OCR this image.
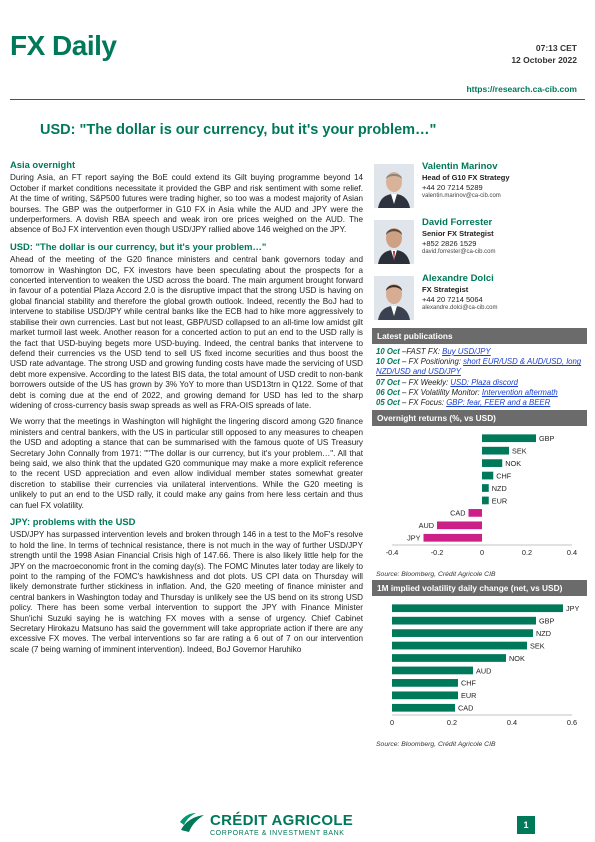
FX Daily	07:13 CET
12 October 2022
https://research.ca-cib.com
USD: "The dollar is our currency, but it's your problem…"
Asia overnight

During Asia, an FT report saying the BoE could extend its Gilt buying programme beyond 14 October if market conditions necessitate it provided the GBP and risk sentiment with some relief. At the time of writing, S&P500 futures were trading higher, so too was a modest majority of Asian bourses. The GBP was the outperformer in G10 FX in Asia while the AUD and JPY were the underperformers. A dovish RBA speech and weak iron ore prices weighed on the AUD. The absence of BoJ FX intervention even though USD/JPY rallied above 146 weighed on the JPY.

USD: "The dollar is our currency, but it's your problem…"

Ahead of the meeting of the G20 finance ministers and central bank governors today and tomorrow in Washington DC, FX investors have been speculating about the prospects for a concerted intervention to weaken the USD across the board. The main argument brought forward in favour of a potential Plaza Accord 2.0 is the disruptive impact that the strong USD is having on global financial stability and therefore the global growth outlook. Indeed, recently the BoJ had to intervene to stabilise USD/JPY while central banks like the ECB had to hike more aggressively to stabilise their own currencies. Last but not least, GBP/USD collapsed to an all-time low amidst gilt market turmoil last week. Another reason for a concerted action to put an end to the USD rally is the fact that USD-buying begets more USD-buying. Indeed, the central banks that intervene to defend their currencies vs the USD tend to sell US fixed income securities and thus boost the USD rate advantage. The strong USD and growing funding costs have made the servicing of USD debt more expensive. According to the latest BIS data, the total amount of USD credit to non-bank borrowers outside of the US has grown by 3% YoY to more than USD13trn in Q122. Some of that debt is coming due at the end of 2022, and growing demand for USD has led to the sharp widening of cross-currency basis swap spreads as well as FRA-OIS spreads of late.

We worry that the meetings in Washington will highlight the lingering discord among G20 finance ministers and central bankers, with the US in particular still opposed to any measures to cheapen the USD and adopting a stance that can be summarised with the famous quote of US Treasury Secretary John Connally from 1971: ""The dollar is our currency, but it's your problem…". All that being said, we also think that the updated G20 communique may make a more explicit reference to the recent USD appreciation and even allow individual member states somewhat greater discretion to stabilise their currencies via unilateral interventions. While the G20 meeting is unlikely to put an end to the USD rally, it could make any gains from here less certain and thus can fuel FX volatility.

JPY: problems with the USD

USD/JPY has surpassed intervention levels and broken through 146 in a test to the MoF's resolve to hold the line. In terms of technical resistance, there is not much in the way of further USD/JPY strength until the 1998 Asian Financial Crisis high of 147.66. There is also likely little help for the JPY on the macroeconomic front in the coming day(s). The FOMC Minutes later today are likely to point to the ramping of the FOMC's hawkishness and dot plots. US CPI data on Thursday will likely demonstrate further stickiness in inflation. And, the G20 meeting of finance minister and central bankers in Washington today and Thursday is unlikely see the US bend on its strong USD policy. There has been some verbal intervention to support the JPY with Finance Minister Shun'ichi Suzuki saying he is watching FX moves with a sense of urgency. Chief Cabinet Secretary Hirokazu Matsuno has said the government will take appropriate action if there are any excessive FX moves. The verbal interventions so far are rating a 6 out of 7 on our intervention scale (7 being warning of imminent intervention). Indeed, BoJ Governor Haruhiko

Valentin Marinov
Head of G10 FX Strategy
+44 20 7214 5289
valentin.marinov@ca-cib.com
David Forrester
Senior FX Strategist
+852 2826 1529
david.forrester@ca-cib.com
Alexandre Dolci
FX Strategist
+44 20 7214 5064
alexandre.dolci@ca-cib.com
Latest publications
10 Oct –FAST FX: Buy USD/JPY
10 Oct – FX Positioning: short EUR/USD & AUD/USD, long NZD/USD and USD/JPY
07 Oct – FX Weekly: USD: Plaza discord
06 Oct – FX Volatility Monitor: Intervention aftermath
05 Oct – FX Focus: GBP: fear, FEER and a BEER
Overnight returns (%, vs USD)
GBP
SEK
NOK
CHF
NZD
EUR
CAD
AUD
JPY
-0.4	-0.2	0	0.2	0.4
Source: Bloomberg, Crédit Agricole CIB
1M implied volatility daily change (net, vs USD)
JPY
GBP
NZD
SEK
NOK
AUD
CHF
EUR
CAD
0	0.2	0.4	0.6
Source: Bloomberg, Crédit Agricole CIB
CRÉDIT AGRICOLE
CORPORATE & INVESTMENT BANK
1
